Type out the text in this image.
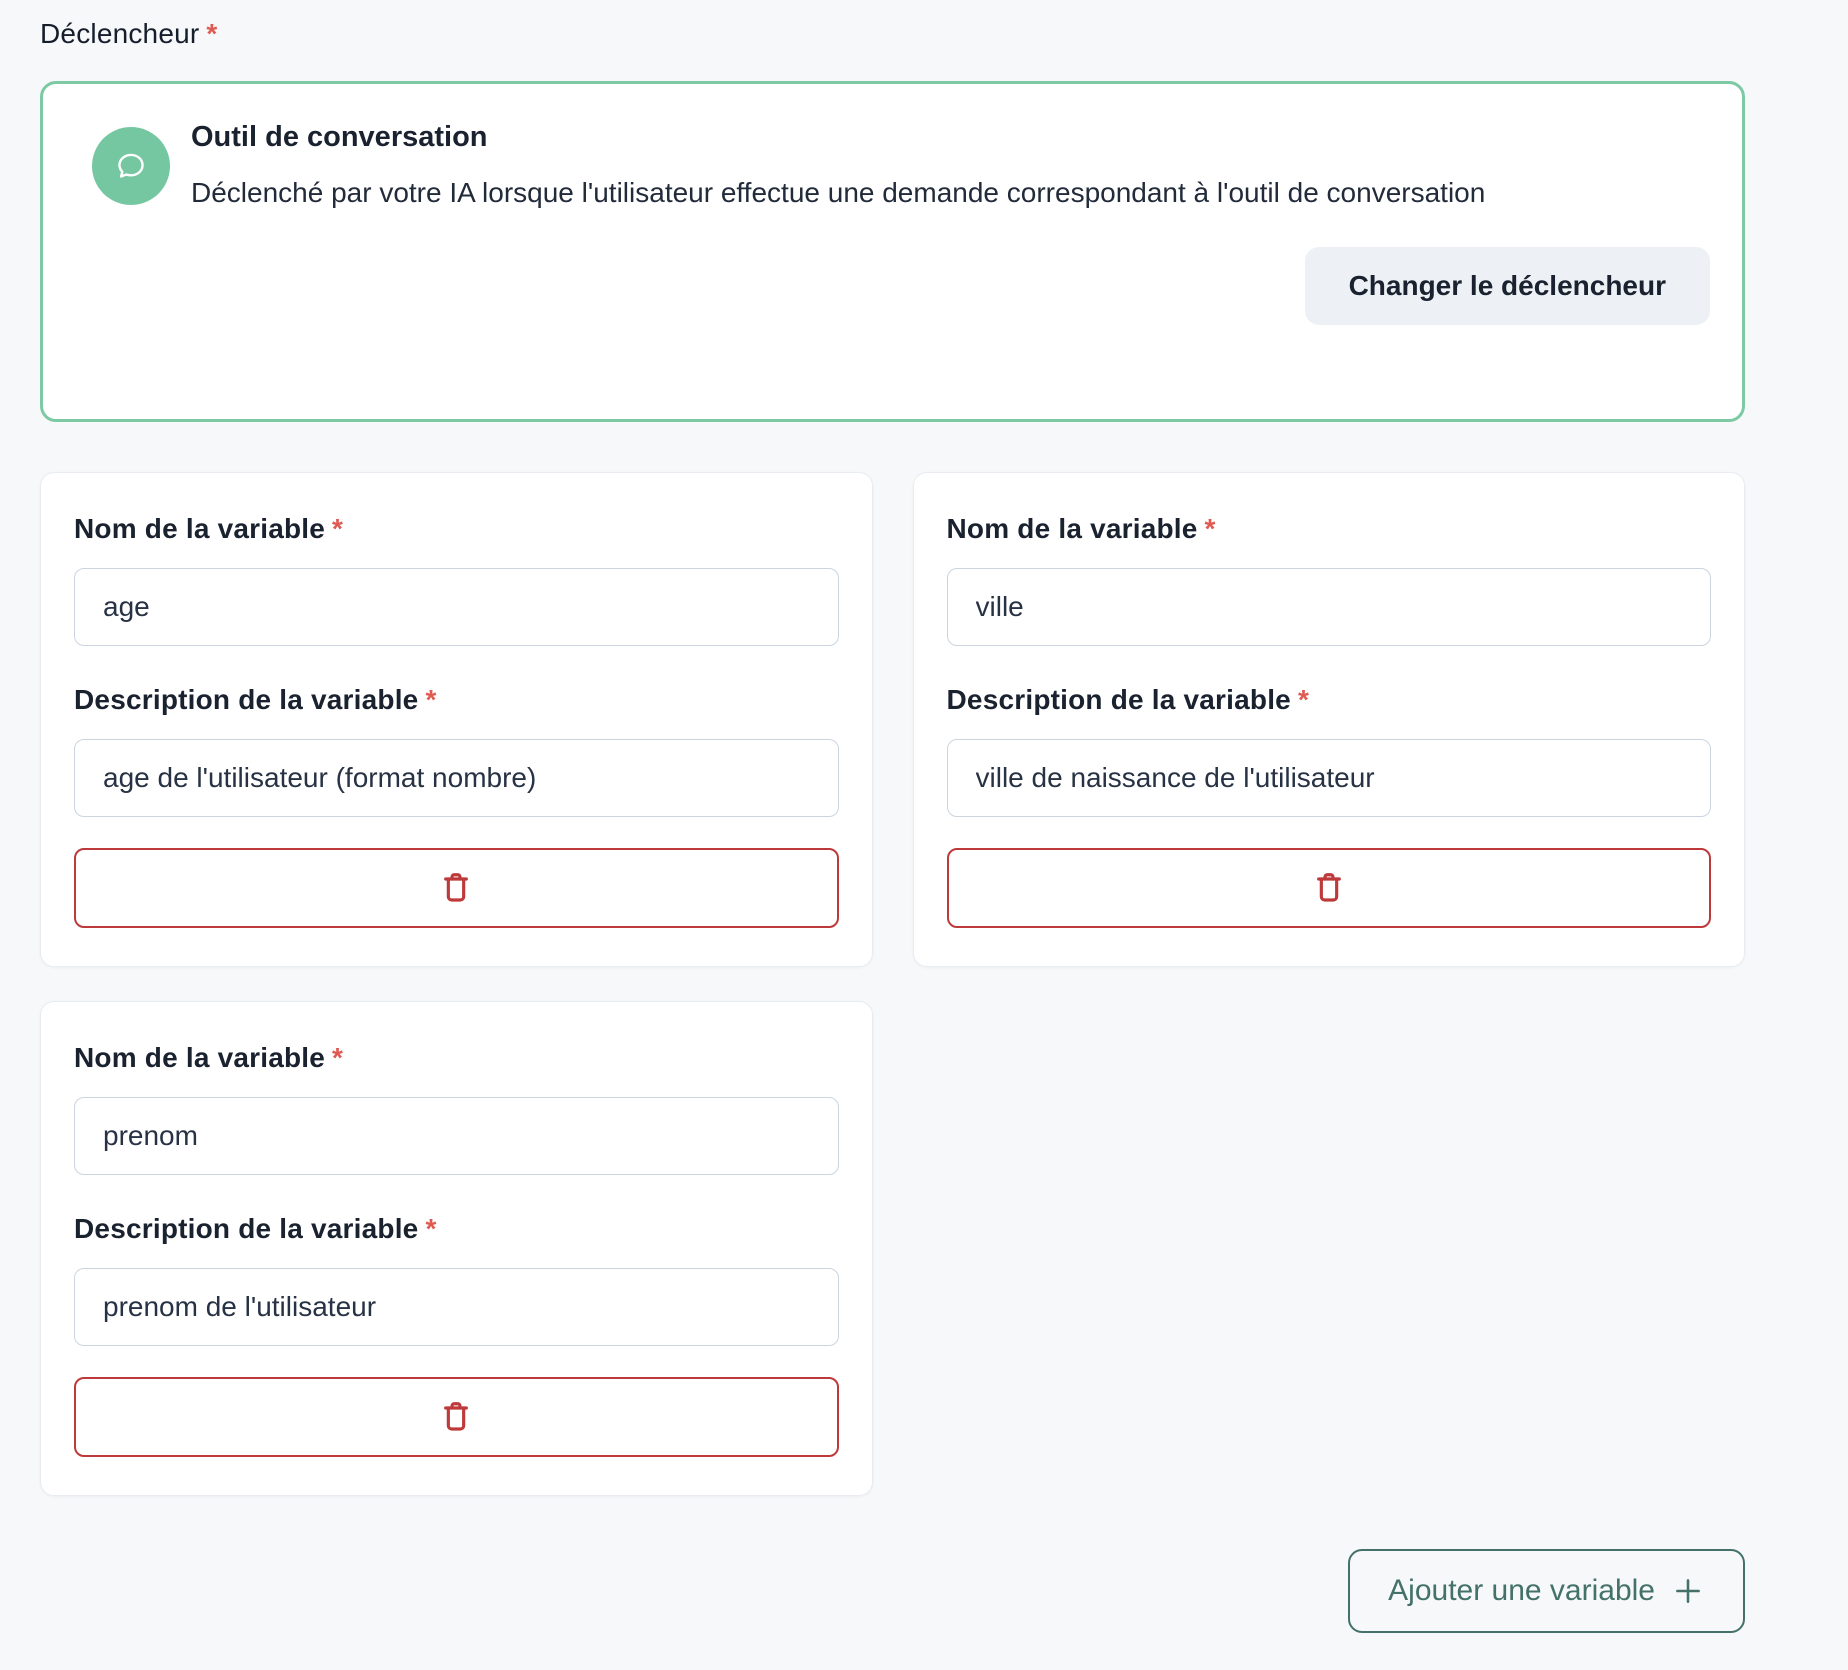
Déclencheur *
Outil de conversation
Déclenché par votre IA lorsque l'utilisateur effectue une demande correspondant à l'outil de conversation
Changer le déclencheur
Nom de la variable *
age
Description de la variable *
age de l'utilisateur (format nombre)
Nom de la variable *
ville
Description de la variable *
ville de naissance de l'utilisateur
Nom de la variable *
prenom
Description de la variable *
prenom de l'utilisateur
Ajouter une variable
